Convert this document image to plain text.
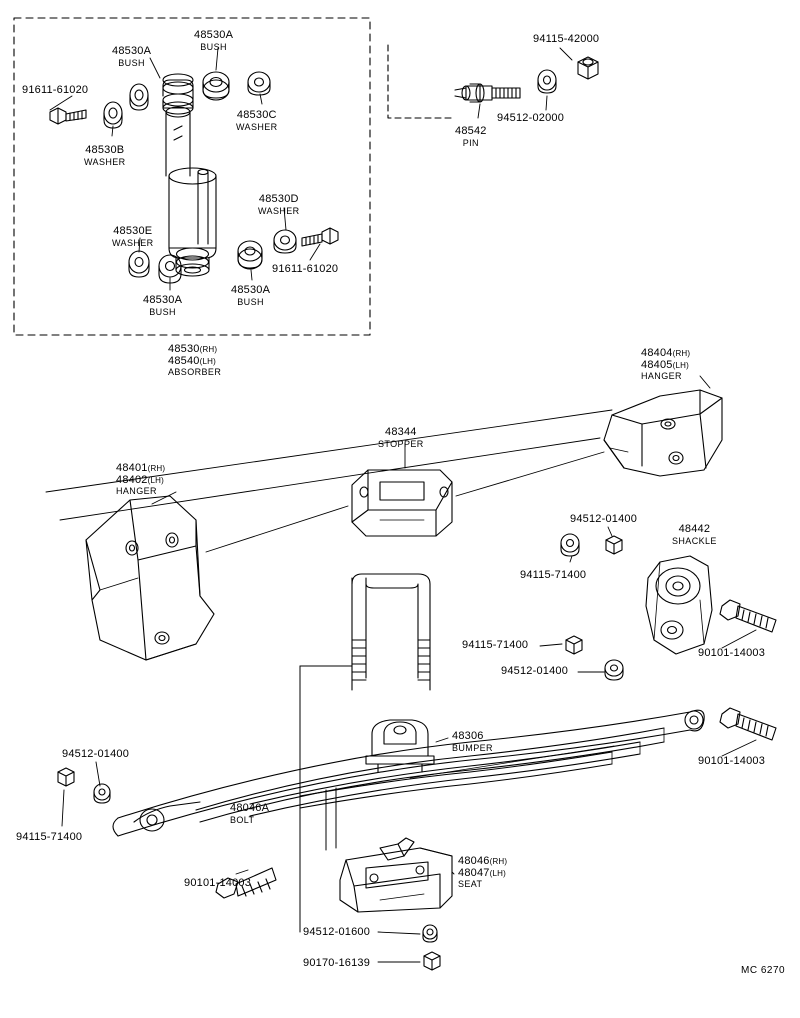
48530A
BUSH
48530A
BUSH
91611-61020
48530B
WASHER
48530C
WASHER
48530D
WASHER
48530E
WASHER
91611-61020
48530A
BUSH
48530A
BUSH
94115-42000
94512-02000
48542
PIN
48530(RH)
48540(LH)
ABSORBER
48404(RH)
48405(LH)
HANGER
48344
STOPPER
48401(RH)
48402(LH)
HANGER
94512-01400
48442
SHACKLE
94115-71400
90101-14003
94115-71400
94512-01400
48306
BUMPER
90101-14003
94512-01400
94115-71400
48046A
BOLT
90101-14003
48046(RH)
48047(LH)
SEAT
94512-01600
90170-16139
MC 6270
